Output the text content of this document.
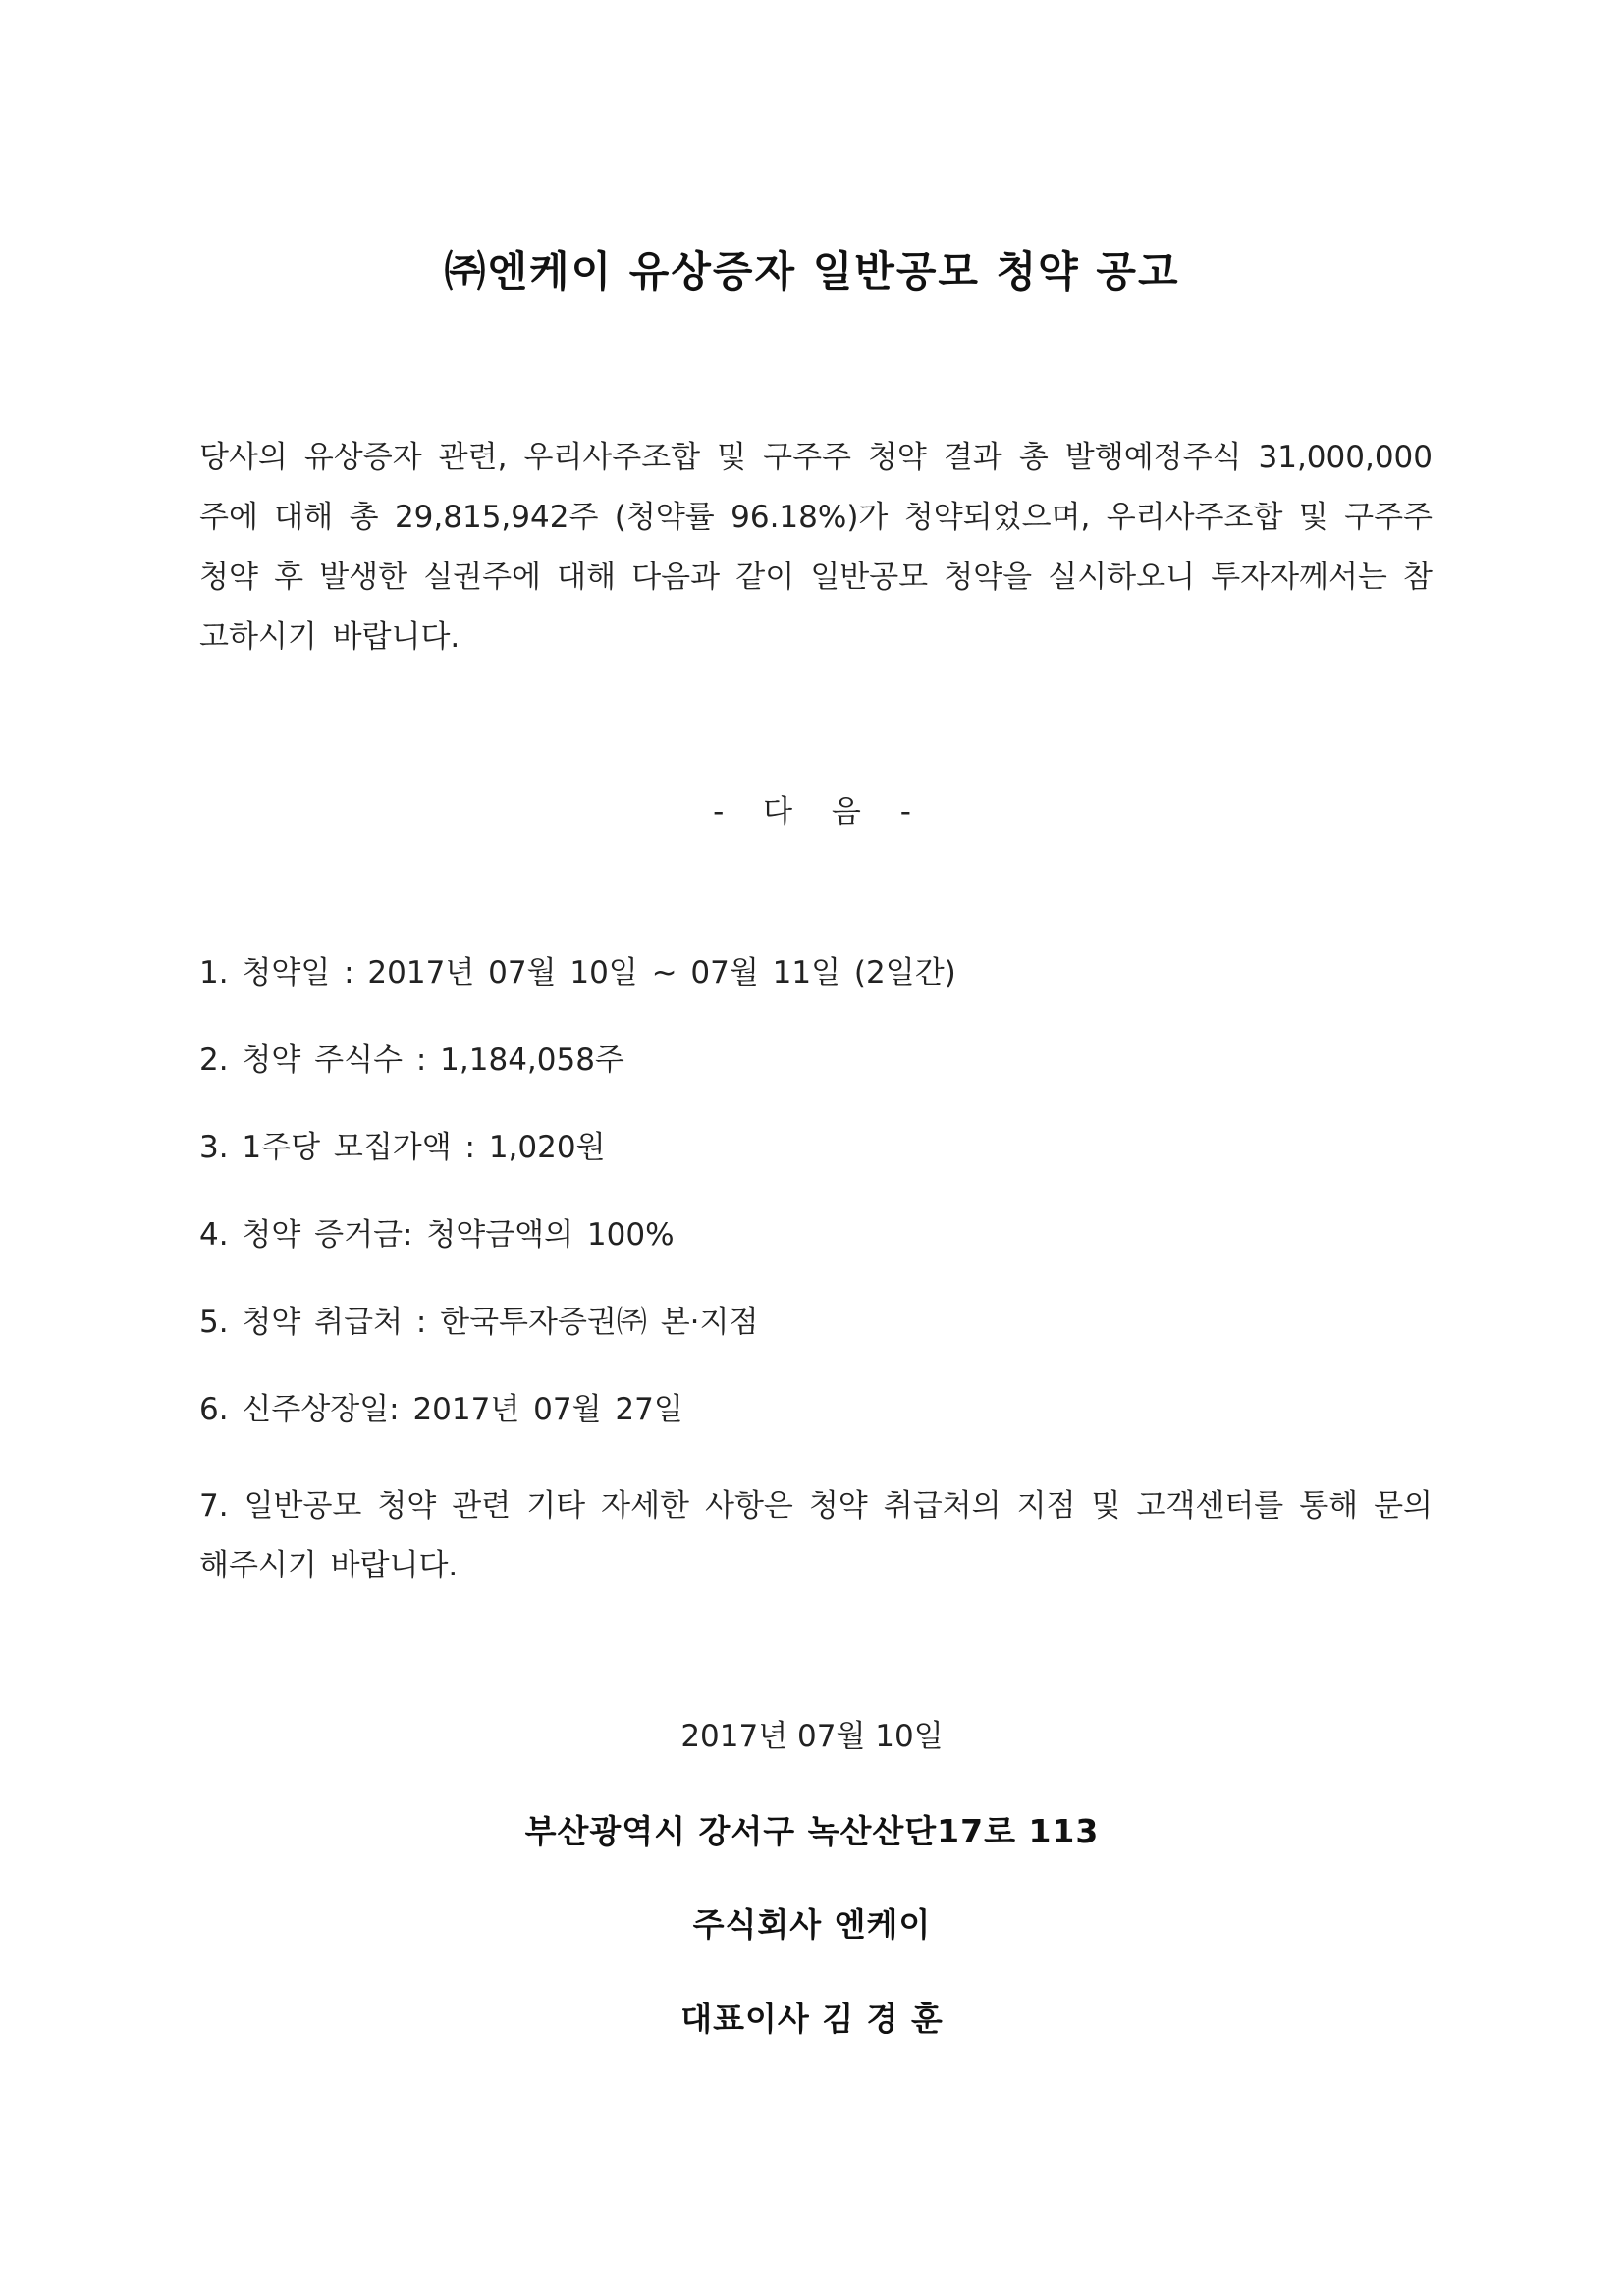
㈜엔케이 유상증자 일반공모 청약 공고

당사의 유상증자 관련, 우리사주조합 및 구주주 청약 결과 총 발행예정주식 31,000,000주에 대해 총 29,815,942주 (청약률 96.18%)가 청약되었으며, 우리사주조합 및 구주주 청약 후 발생한 실권주에 대해 다음과 같이 일반공모 청약을 실시하오니 투자자께서는 참고하시기 바랍니다.

- 다 음 -

1. 청약일 : 2017년 07월 10일 ~ 07월 11일 (2일간)
2. 청약 주식수 : 1,184,058주
3. 1주당 모집가액 : 1,020원
4. 청약 증거금: 청약금액의 100%
5. 청약 취급처 : 한국투자증권㈜ 본·지점
6. 신주상장일: 2017년 07월 27일
7. 일반공모 청약 관련 기타 자세한 사항은 청약 취급처의 지점 및 고객센터를 통해 문의해주시기 바랍니다.

2017년 07월 10일

부산광역시 강서구 녹산산단17로 113

주식회사 엔케이

대표이사 김 경 훈
